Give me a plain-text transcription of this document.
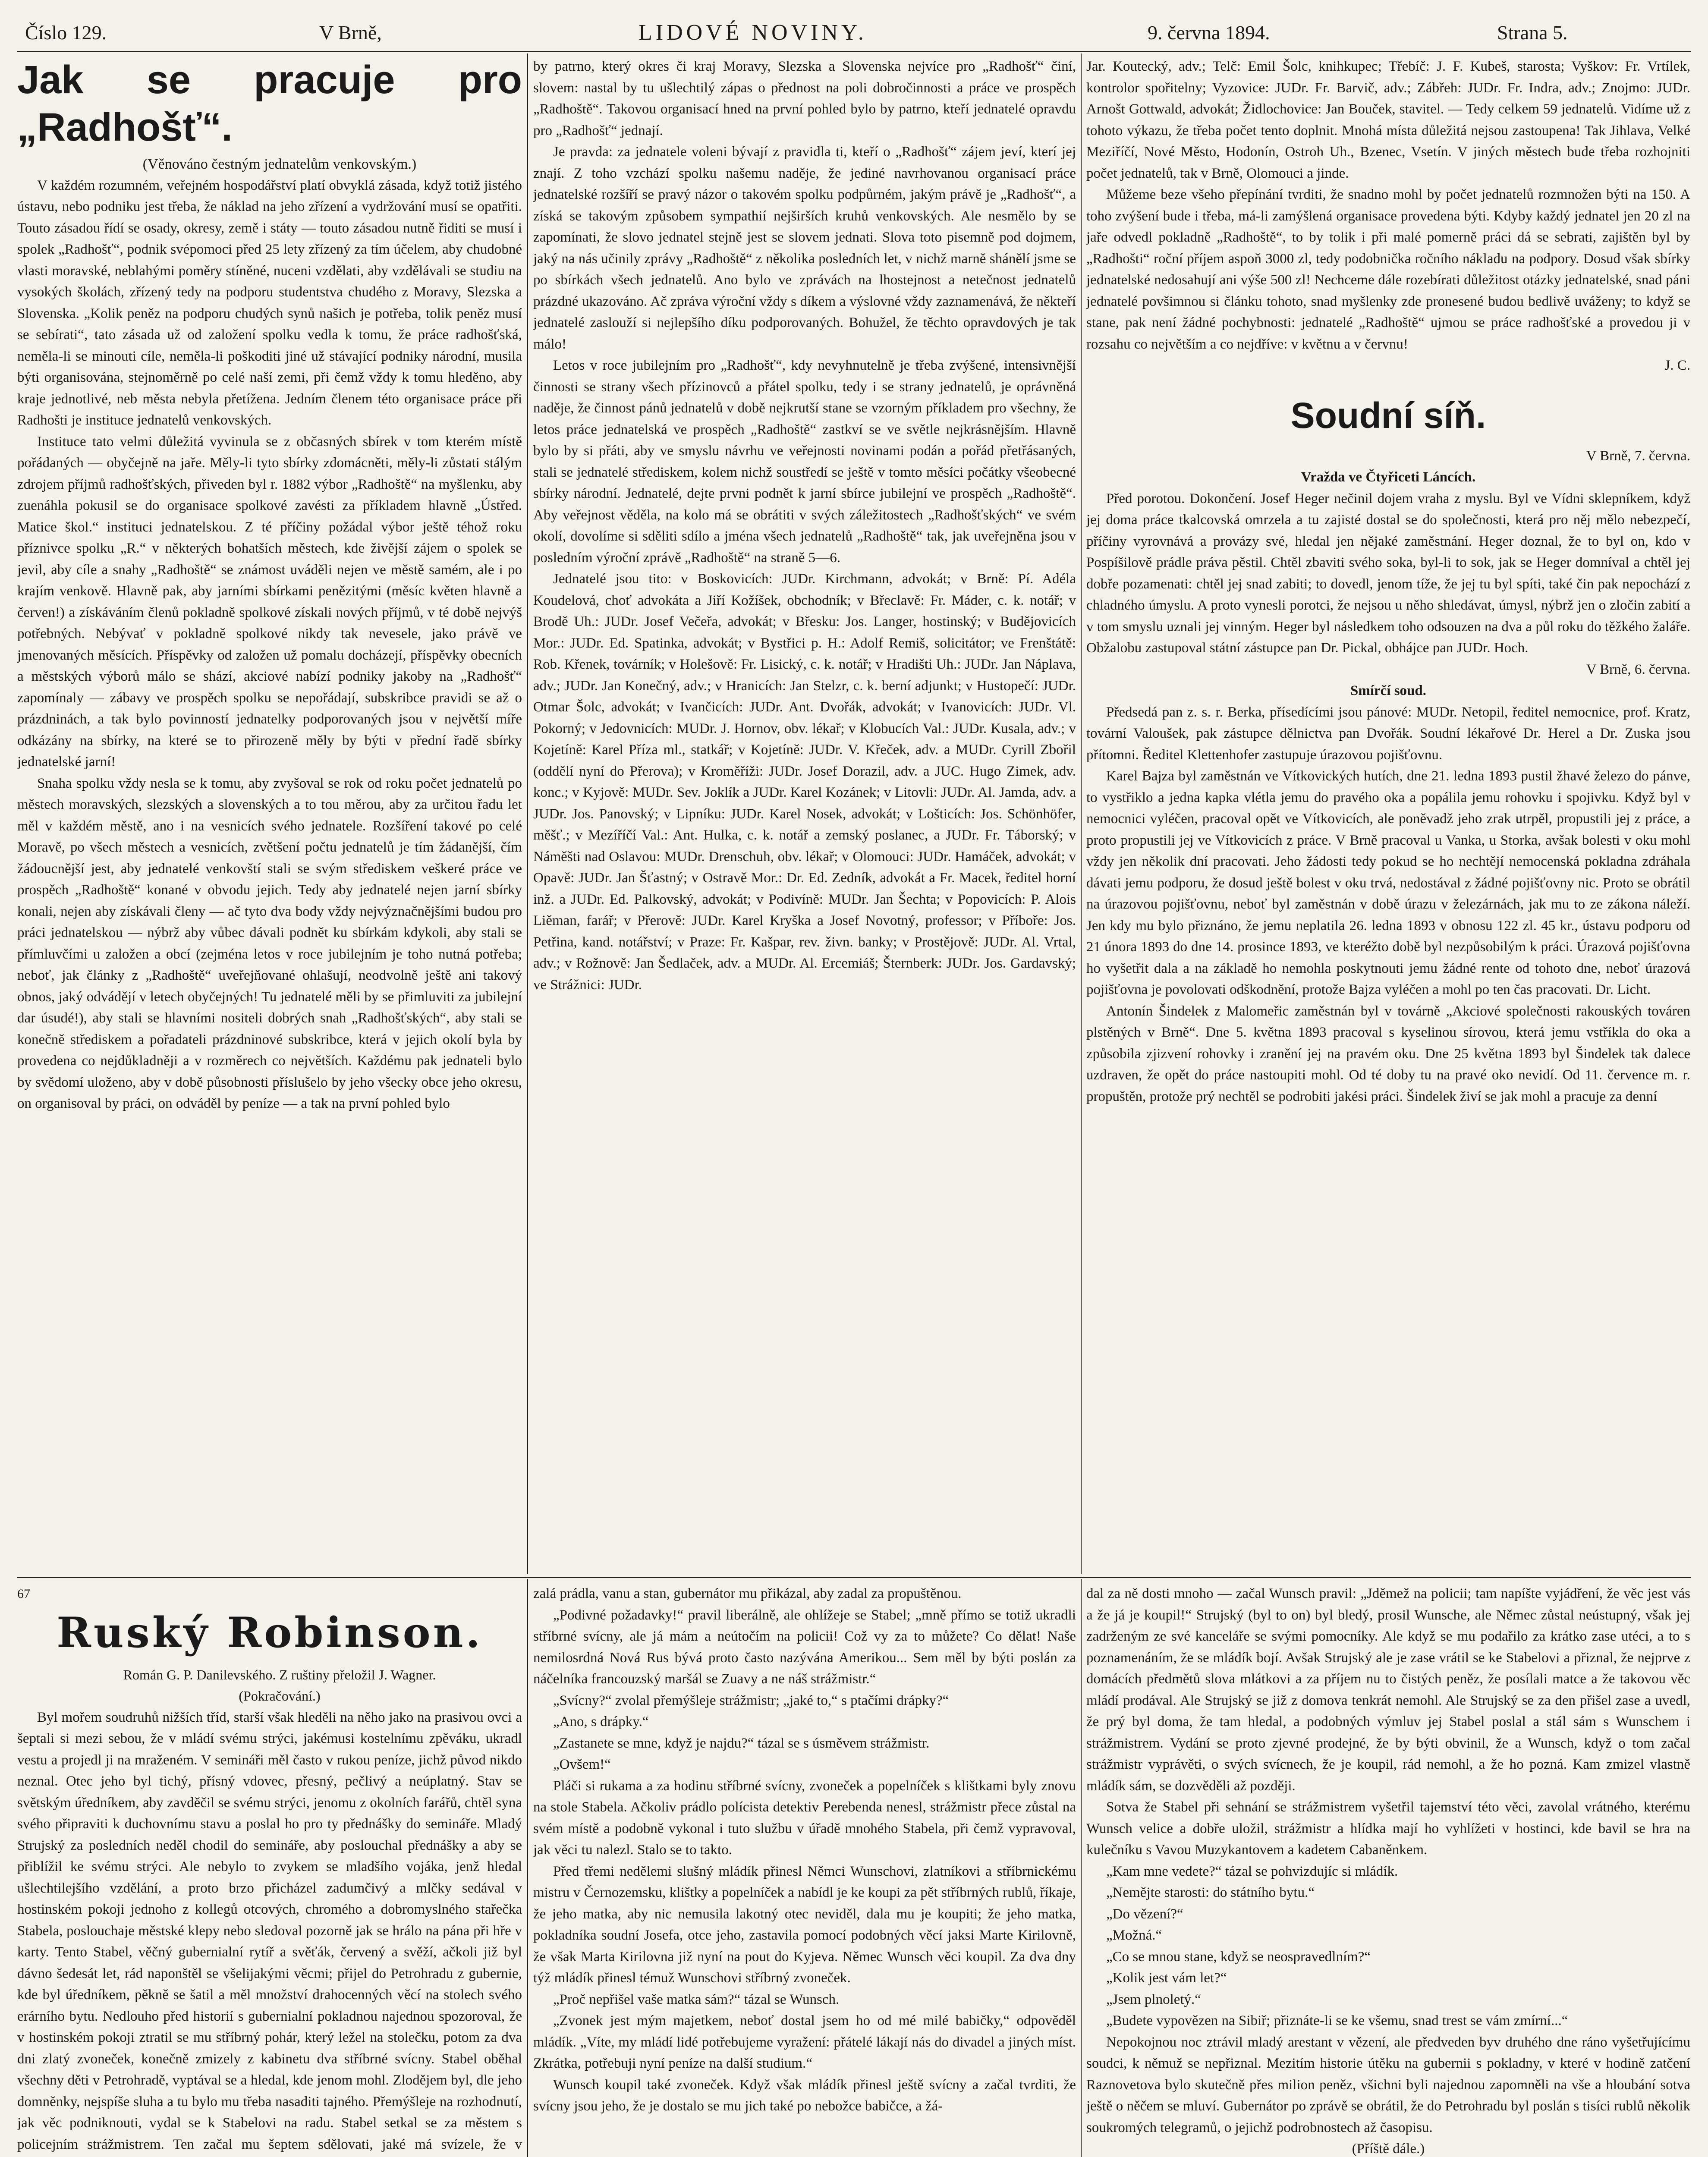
Číslo 129.	V Brně,	LIDOVÉ NOVINY.	9. června 1894.	Strana 5.
Jak se pracuje pro „Radhošť“.

(Věnováno čestným jednatelům venkovským.)

V každém rozumném, veřejném hospodářství platí obvyklá zásada, když totiž jistého ústavu, nebo podniku jest třeba, že náklad na jeho zřízení a vydržování musí se opatřiti. Touto zásadou řídí se osady, okresy, země i státy — touto zásadou nutně řiditi se musí i spolek „Radhošť“, podnik svépomoci před 25 lety zřízený za tím účelem, aby chudobné vlasti moravské, neblahými poměry stíněné, nuceni vzdělati, aby vzdělávali se studiu na vysokých školách, zřízený tedy na podporu studentstva chudého z Moravy, Slezska a Slovenska. „Kolik peněz na podporu chudých synů našich je potřeba, tolik peněz musí se sebírati“, tato zásada už od založení spolku vedla k tomu, že práce radhošťská, neměla-li se minouti cíle, neměla-li poškoditi jiné už stávající podniky národní, musila býti organisována, stejnoměrně po celé naší zemi, při čemž vždy k tomu hleděno, aby kraje jednotlivé, neb města nebyla přetížena. Jedním členem této organisace práce při Radhošti je instituce jednatelů venkovských.

Instituce tato velmi důležitá vyvinula se z občasných sbírek v tom kterém místě pořádaných — obyčejně na jaře. Měly-li tyto sbírky zdomácněti, měly-li zůstati stálým zdrojem příjmů radhošťských, přiveden byl r. 1882 výbor „Radhoště“ na myšlenku, aby zuenáhla pokusil se do organisace spolkové zavésti za příkladem hlavně „Ústřed. Matice škol.“ instituci jednatelskou. Z té příčiny požádal výbor ještě téhož roku příznivce spolku „R.“ v některých bohatších městech, kde živější zájem o spolek se jevil, aby cíle a snahy „Radhoště“ se známost uváděli nejen ve městě samém, ale i po krajím venkově. Hlavně pak, aby jarními sbírkami penězitými (měsíc květen hlavně a červen!) a získáváním členů pokladně spolkové získali nových příjmů, v té době nejvýš potřebných. Nebývať v pokladně spolkové nikdy tak nevesele, jako právě ve jmenovaných měsících. Příspěvky od založen už pomalu docházejí, příspěvky obecních a městských výborů málo se shází, akciové nabízí podniky jakoby na „Radhošť“ zapomínaly — zábavy ve prospěch spolku se nepořádají, subskribce pravidi se až o prázdninách, a tak bylo povinností jednatelky podporovaných jsou v největší míře odkázány na sbírky, na které se to přirozeně měly by býti v přední řadě sbírky jednatelské jarní!

Snaha spolku vždy nesla se k tomu, aby zvyšoval se rok od roku počet jednatelů po městech moravských, slezských a slovenských a to tou měrou, aby za určitou řadu let měl v každém městě, ano i na vesnicích svého jednatele. Rozšíření takové po celé Moravě, po všech městech a vesnicích, zvětšení počtu jednatelů je tím žádanější, čím žádoucnější jest, aby jednatelé venkovští stali se svým střediskem veškeré práce ve prospěch „Radhoště“ konané v obvodu jejich. Tedy aby jednatelé nejen jarní sbírky konali, nejen aby získávali členy — ač tyto dva body vždy nejvýznačnějšími budou pro práci jednatelskou — nýbrž aby vůbec dávali podnět ku sbírkám kdykoli, aby stali se přímluvčími u založen a obcí (zejména letos v roce jubilejním je toho nutná potřeba; neboť, jak články z „Radhoště“ uveřejňované ohlašují, neodvolně ještě ani takový obnos, jaký odvádějí v letech obyčejných! Tu jednatelé měli by se přimluviti za jubilejní dar úsudé!), aby stali se hlavními nositeli dobrých snah „Radhošťských“, aby stali se konečně střediskem a pořadateli prázdninové subskribce, která v jejich okolí byla by provedena co nejdůkladněji a v rozměrech co největších. Každému pak jednateli bylo by svědomí uloženo, aby v době působnosti příslušelo by jeho všecky obce jeho okresu, on organisoval by práci, on odváděl by peníze — a tak na první pohled bylo

by patrno, který okres či kraj Moravy, Slezska a Slovenska nejvíce pro „Radhošť“ činí, slovem: nastal by tu ušlechtilý zápas o přednost na poli dobročinnosti a práce ve prospěch „Radhoště“. Takovou organisací hned na první pohled bylo by patrno, kteří jednatelé opravdu pro „Radhošť“ jednají.

Je pravda: za jednatele voleni bývají z pravidla ti, kteří o „Radhošť“ zájem jeví, kterí jej znají. Z toho vzchází spolku našemu naděje, že jediné navrhovanou organisací práce jednatelské rozšíří se pravý názor o takovém spolku podpůrném, jakým právě je „Radhošť“, a získá se takovým způsobem sympathií nejširších kruhů venkovských. Ale nesmělo by se zapomínati, že slovo jednatel stejně jest se slovem jednati. Slova toto pisemně pod dojmem, jaký na nás učinily zprávy „Radhoště“ z několika posledních let, v nichž marně shánělí jsme se po sbírkách všech jednatelů. Ano bylo ve zprávách na lhostejnost a netečnost jednatelů prázdné ukazováno. Ač zpráva výroční vždy s díkem a výslovné vždy zaznamenává, že někteří jednatelé zaslouží si nejlepšího díku podporovaných. Bohužel, že těchto opravdových je tak málo!

Letos v roce jubilejním pro „Radhošť“, kdy nevyhnutelně je třeba zvýšené, intensivnější činnosti se strany všech přízinovců a přátel spolku, tedy i se strany jednatelů, je oprávněná naděje, že činnost pánů jednatelů v době nejkrutší stane se vzorným příkladem pro všechny, že letos práce jednatelská ve prospěch „Radhoště“ zastkví se ve světle nejkrásnějším. Hlavně bylo by si přáti, aby ve smyslu návrhu ve veřejnosti novinami podán a pořád přetřásaných, stali se jednatelé střediskem, kolem nichž soustředí se ještě v tomto měsíci počátky všeobecné sbírky národní. Jednatelé, dejte prvni podnět k jarní sbírce jubilejní ve prospěch „Radhoště“. Aby veřejnost věděla, na kolo má se obrátiti v svých záležitostech „Radhošťských“ ve svém okolí, dovolíme si sděliti sdílo a jména všech jednatelů „Radhoště“ tak, jak uveřejněna jsou v posledním výroční zprávě „Radhoště“ na straně 5—6.

Jednatelé jsou tito: v Boskovicích: JUDr. Kirchmann, advokát; v Brně: Pí. Adéla Koudelová, choť advokáta a Jiří Kožíšek, obchodník; v Břeclavě: Fr. Máder, c. k. notář; v Brodě Uh.: JUDr. Josef Večeřa, advokát; v Břesku: Jos. Langer, hostinský; v Budějovicích Mor.: JUDr. Ed. Spatinka, advokát; v Bystřici p. H.: Adolf Remiš, solicitátor; ve Frenštátě: Rob. Křenek, továrník; v Holešově: Fr. Lisický, c. k. notář; v Hradišti Uh.: JUDr. Jan Náplava, adv.; JUDr. Jan Konečný, adv.; v Hranicích: Jan Stelzr, c. k. berní adjunkt; v Hustopečí: JUDr. Otmar Šolc, advokát; v Ivančicích: JUDr. Ant. Dvořák, advokát; v Ivanovicích: JUDr. Vl. Pokorný; v Jedovnicích: MUDr. J. Hornov, obv. lékař; v Klobucích Val.: JUDr. Kusala, adv.; v Kojetíně: Karel Příza ml., statkář; v Kojetíně: JUDr. V. Křeček, adv. a MUDr. Cyrill Zbořil (oddělí nyní do Přerova); v Kroměříži: JUDr. Josef Dorazil, adv. a JUC. Hugo Zimek, adv. konc.; v Kyjově: MUDr. Sev. Joklík a JUDr. Karel Kozánek; v Litovli: JUDr. Al. Jamda, adv. a JUDr. Jos. Panovský; v Lipníku: JUDr. Karel Nosek, advokát; v Lošticích: Jos. Schönhöfer, měšť.; v Mezíříčí Val.: Ant. Hulka, c. k. notář a zemský poslanec, a JUDr. Fr. Táborský; v Náměšti nad Oslavou: MUDr. Drenschuh, obv. lékař; v Olomouci: JUDr. Hamáček, advokát; v Opavě: JUDr. Jan Šťastný; v Ostravě Mor.: Dr. Ed. Zedník, advokát a Fr. Macek, ředitel horní inž. a JUDr. Ed. Palkovský, advokát; v Podivíně: MUDr. Jan Šechta; v Popovicích: P. Alois Liěman, farář; v Přerově: JUDr. Karel Kryška a Josef Novotný, professor; v Příboře: Jos. Petřina, kand. notářství; v Praze: Fr. Kašpar, rev. živn. banky; v Prostějově: JUDr. Al. Vrtal, adv.; v Rožnově: Jan Šedlaček, adv. a MUDr. Al. Ercemiáš; Šternberk: JUDr. Jos. Gardavský; ve Strážnici: JUDr.

Jar. Koutecký, adv.; Telč: Emil Šolc, knihkupec; Třebíč: J. F. Kubeš, starosta; Vyškov: Fr. Vrtílek, kontrolor spořitelny; Vyzovice: JUDr. Fr. Barvič, adv.; Zábřeh: JUDr. Fr. Indra, adv.; Znojmo: JUDr. Arnošt Gottwald, advokát; Židlochovice: Jan Bouček, stavitel. — Tedy celkem 59 jednatelů. Vidíme už z tohoto výkazu, že třeba počet tento doplnit. Mnohá místa důležitá nejsou zastoupena! Tak Jihlava, Velké Meziříčí, Nové Město, Hodonín, Ostroh Uh., Bzenec, Vsetín. V jiných městech bude třeba rozhojniti počet jednatelů, tak v Brně, Olomouci a jinde.

Můžeme beze všeho přepínání tvrditi, že snadno mohl by počet jednatelů rozmnožen býti na 150. A toho zvýšení bude i třeba, má-li zamýšlená organisace provedena býti. Kdyby každý jednatel jen 20 zl na jaře odvedl pokladně „Radhoště“, to by tolik i při malé pomerně práci dá se sebrati, zajištěn byl by „Radhošti“ roční příjem aspoň 3000 zl, tedy podobnička ročního nákladu na podpory. Dosud však sbírky jednatelské nedosahují ani výše 500 zl! Nechceme dále rozebírati důležitost otázky jednatelské, snad páni jednatelé povšimnou si článku tohoto, snad myšlenky zde pronesené budou bedlivě uváženy; to když se stane, pak není žádné pochybnosti: jednatelé „Radhoště“ ujmou se práce radhošťské a provedou ji v rozsahu co největším a co nejdříve: v květnu a v červnu!

J. C.

Soudní síň.

V Brně, 7. června.

Vražda ve Čtyřiceti Láncích.

Před porotou. Dokončení. Josef Heger nečinil dojem vraha z myslu. Byl ve Vídni sklepníkem, když jej doma práce tkalcovská omrzela a tu zajisté dostal se do společnosti, která pro něj mělo nebezpečí, příčiny vyrovnává a provázy své, hledal jen nějaké zaměstnání. Heger doznal, že to byl on, kdo v Pospíšilově prádle práva pěstil. Chtěl zbaviti svého soka, byl-li to sok, jak se Heger domníval a chtěl jej dobře pozamenati: chtěl jej snad zabiti; to dovedl, jenom tíže, že jej tu byl spíti, také čin pak nepochází z chladného úmyslu. A proto vynesli porotci, že nejsou u něho shledávat, úmysl, nýbrž jen o zločin zabití a v tom smyslu uznali jej vinným. Heger byl následkem toho odsouzen na dva a půl roku do těžkého žaláře. Obžalobu zastupoval státní zástupce pan Dr. Pickal, obhájce pan JUDr. Hoch.

V Brně, 6. června.

Smírčí soud.

Předsedá pan z. s. r. Berka, přísedícími jsou pánové: MUDr. Netopil, ředitel nemocnice, prof. Kratz, tovární Valoušek, pak zástupce dělnictva pan Dvořák. Soudní lékařové Dr. Herel a Dr. Zuska jsou přítomni. Ředitel Klettenhofer zastupuje úrazovou pojišťovnu.

Karel Bajza byl zaměstnán ve Vítkovických hutích, dne 21. ledna 1893 pustil žhavé železo do pánve, to vystřiklo a jedna kapka vlétla jemu do pravého oka a popálila jemu rohovku i spojivku. Když byl v nemocnici vyléčen, pracoval opět ve Vítkovicích, ale poněvadž jeho zrak utrpěl, propustili jej z práce, a proto propustili jej ve Vítkovicích z práce. V Brně pracoval u Vanka, u Storka, avšak bolesti v oku mohl vždy jen několik dní pracovati. Jeho žádosti tedy pokud se ho nechtějí nemocenská pokladna zdráhala dávati jemu podporu, že dosud ještě bolest v oku trvá, nedostával z žádné pojišťovny nic. Proto se obrátil na úrazovou pojišťovnu, neboť byl zaměstnán v době úrazu v železárnách, jak mu to ze zákona náleží. Jen kdy mu bylo přiznáno, že jemu neplatila 26. ledna 1893 v obnosu 122 zl. 45 kr., ústavu podporu od 21 února 1893 do dne 14. prosince 1893, ve kteréžto době byl nezpůsobilým k práci. Úrazová pojišťovna ho vyšetřit dala a na základě ho nemohla poskytnouti jemu žádné rente od tohoto dne, neboť úrazová pojišťovna je povolovati odškodnění, protože Bajza vyléčen a mohl po ten čas pracovati. Dr. Licht.

Antonín Šindelek z Malomeřic zaměstnán byl v továrně „Akciové společnosti rakouských továren plstěných v Brně“. Dne 5. května 1893 pracoval s kyselinou sírovou, která jemu vstříkla do oka a způsobila zjizvení rohovky i zranění jej na pravém oku. Dne 25 května 1893 byl Šindelek tak dalece uzdraven, že opět do práce nastoupiti mohl. Od té doby tu na pravé oko nevidí. Od 11. července m. r. propuštěn, protože prý nechtěl se podrobiti jakési práci. Šindelek živí se jak mohl a pracuje za denní

67
Ruský Robinson.

Román G. P. Danilevského. Z ruštiny přeložil J. Wagner.

(Pokračování.)

Byl mořem soudruhů nižších tříd, starší však hleděli na něho jako na prasivou ovci a šeptali si mezi sebou, že v mládí svému strýci, jakémusi kostelnímu zpěváku, ukradl vestu a projedl ji na mraženém. V semináři měl často v rukou peníze, jichž původ nikdo neznal. Otec jeho byl tichý, přísný vdovec, přesný, pečlivý a neúplatný. Stav se světským úředníkem, aby zavděčil se svému strýci, jenomu z okolních farářů, chtěl syna svého připraviti k duchovnímu stavu a poslal ho pro ty přednášky do semináře. Mladý Strujský za posledních neděl chodil do semináře, aby poslouchal přednášky a aby se přiblížil ke svému strýci. Ale nebylo to zvykem se mladšího vojáka, jenž hledal ušlechtilejšího vzdělání, a proto brzo přicházel zadumčivý a mlčky sedával v hostinském pokoji jednoho z kollegů otcových, chromého a dobromyslného stařečka Stabela, poslouchaje městské klepy nebo sledoval pozorně jak se hrálo na pána při hře v karty. Tento Stabel, věčný gubernialní rytíř a svěťák, červený a svěží, ačkoli již byl dávno šedesát let, rád naponštěl se všelijakými věcmi; přijel do Petrohradu z gubernie, kde byl úředníkem, pěkně se šatil a měl množství drahocenných věcí na stolech svého erárního bytu. Nedlouho před historií s gubernialní pokladnou najednou spozoroval, že v hostinském pokoji ztratil se mu stříbrný pohár, který ležel na stolečku, potom za dva dni zlatý zvoneček, konečně zmizely z kabinetu dva stříbrné svícny. Stabel oběhal všechny děti v Petrohradě, vyptával se a hledal, kde jenom mohl. Zlodějem byl, dle jeho domněnky, nejspíše sluha a tu bylo mu třeba nasaditi tajného. Přemýšleje na rozhodnutí, jak věc podniknouti, vydal se k Stabelovi na radu. Stabel setkal se za městem s policejním strážmistrem. Ten začal mu šeptem sdělovati, jaké má svízele, že v

zalá prádla, vanu a stan, gubernátor mu přikázal, aby zadal za propuštěnou.

„Podivné požadavky!“ pravil liberálně, ale ohlížeje se Stabel; „mně přímo se totiž ukradli stříbrné svícny, ale já mám a neútočím na policii! Což vy za to můžete? Co dělat! Naše nemilosrdná Nová Rus bývá proto často nazývána Amerikou... Sem měl by býti poslán za náčelníka francouzský maršál se Zuavy a ne náš strážmistr.“

„Svícny?“ zvolal přemýšleje strážmistr; „jaké to,“ s ptačími drápky?“

„Ano, s drápky.“

„Zastanete se mne, když je najdu?“ tázal se s úsměvem strážmistr.

„Ovšem!“

Pláči si rukama a za hodinu stříbrné svícny, zvoneček a popelníček s klištkami byly znovu na stole Stabela. Ačkoliv prádlo polícista detektiv Perebenda nenesl, strážmistr přece zůstal na svém místě a podobně vykonal i tuto službu v úřadě mnohého Stabela, při čemž vypravoval, jak věci tu nalezl. Stalo se to takto.

Před třemi nedělemi slušný mládík přinesl Němci Wunschovi, zlatníkovi a stříbrnickému mistru v Černozemsku, klištky a popelníček a nabídl je ke koupi za pět stříbrných rublů, říkaje, že jeho matka, aby nic nemusila lakotný otec neviděl, dala mu je koupiti; že jeho matka, pokladníka soudní Josefa, otce jeho, zastavila pomocí podobných věcí jaksi Marte Kirilovně, že však Marta Kirilovna již nyní na pout do Kyjeva. Němec Wunsch věci koupil. Za dva dny týž mládík přinesl témuž Wunschovi stříbrný zvoneček.

„Proč nepřišel vaše matka sám?“ tázal se Wunsch.

„Zvonek jest mým majetkem, neboť dostal jsem ho od mé milé babičky,“ odpověděl mládík. „Víte, my mládí lidé potřebujeme vyražení: přátelé lákají nás do divadel a jiných míst. Zkrátka, potřebuji nyní peníze na další studium.“

Wunsch koupil také zvoneček. Když však mládík přinesl ještě svícny a začal tvrditi, že svícny jsou jeho, že je dostalo se mu jich také po nebožce babičce, a žá-

dal za ně dosti mnoho — začal Wunsch pravil: „Jděmež na policii; tam napíšte vyjádření, že věc jest vás a že já je koupil!“ Strujský (byl to on) byl bledý, prosil Wunsche, ale Němec zůstal neústupný, však jej zadrženým ze své kanceláře se svými pomocníky. Ale když se mu podařilo za krátko zase utéci, a to s poznamenáním, že se mládík bojí. Avšak Strujský ale je zase vrátil se ke Stabelovi a přiznal, že nejprve z domácích předmětů slova mlátkovi a za příjem nu to čistých peněz, že posílali matce a že takovou věc mládí prodával. Ale Strujský se již z domova tenkrát nemohl. Ale Strujský se za den přišel zase a uvedl, že prý byl doma, že tam hledal, a podobných výmluv jej Stabel poslal a stál sám s Wunschem i strážmistrem. Vydání se proto zjevné prodejné, že by býti obvinil, že a Wunsch, když o tom začal strážmistr vyprávěti, o svých svícnech, že je koupil, rád nemohl, a že ho pozná. Kam zmizel vlastně mládík sám, se dozvěděli až později.

Sotva že Stabel při sehnání se strážmistrem vyšetřil tajemství této věci, zavolal vrátného, kterému Wunsch velice a dobře uložil, strážmistr a hlídka mají ho vyhlížeti v hostinci, kde bavil se hra na kulečníku s Vavou Muzykantovem a kadetem Cabaněnkem.

„Kam mne vedete?“ tázal se pohvizdujíc si mládík.

„Nemějte starosti: do státního bytu.“

„Do vězení?“

„Možná.“

„Co se mnou stane, když se neospravedlním?“

„Kolik jest vám let?“

„Jsem plnoletý.“

„Budete vypovězen na Sibiř; přiznáte-li se ke všemu, snad trest se vám zmírní...“

Nepokojnou noc ztrávil mladý arestant v vězení, ale předveden byv druhého dne ráno vyšetřujícímu soudci, k němuž se nepřiznal. Mezitím historie útěku na gubernii s pokladny, v které v hodině zatčení Raznovetova bylo skutečně přes milion peněz, všichni byli najednou zapomněli na vše a hloubání sotva ještě o něčem se mluví. Gubernátor po zprávě se obrátil, že do Petrohradu byl poslán s tisíci rublů několik soukromých telegramů, o jejichž podrobnostech až časopisu.

(Příště dále.)
